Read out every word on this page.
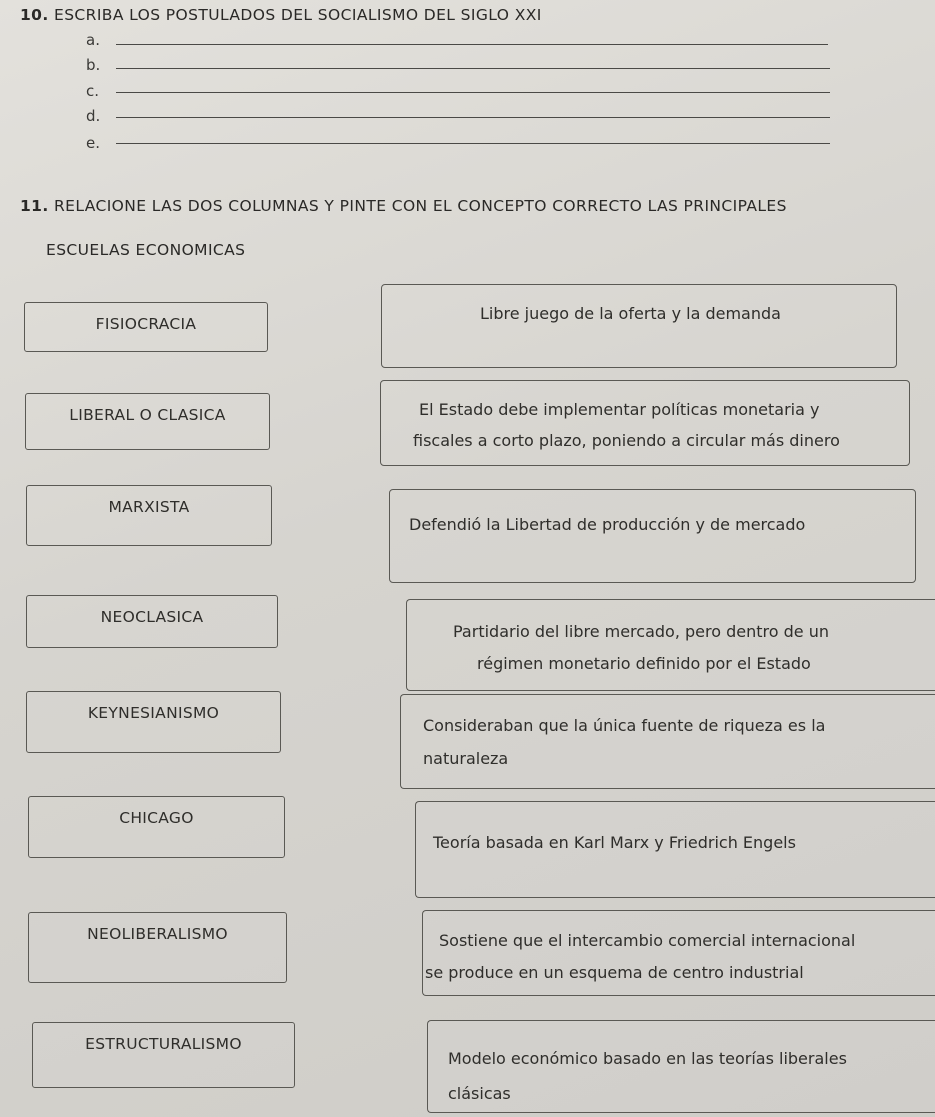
10. ESCRIBA LOS POSTULADOS DEL SOCIALISMO DEL SIGLO XXI
a.
b.
c.
d.
e.
11. RELACIONE LAS DOS COLUMNAS Y PINTE CON EL CONCEPTO CORRECTO LAS PRINCIPALES
ESCUELAS ECONOMICAS
FISIOCRACIA
LIBERAL O CLASICA
MARXISTA
NEOCLASICA
KEYNESIANISMO
CHICAGO
NEOLIBERALISMO
ESTRUCTURALISMO
Libre juego de la oferta y la demanda
El Estado debe implementar políticas monetaria y
fiscales a corto plazo, poniendo a circular más dinero
Defendió la Libertad de producción y de mercado
Partidario del libre mercado, pero dentro de un
régimen monetario definido por el Estado
Consideraban que la única fuente de riqueza es la
naturaleza
Teoría basada en Karl Marx y Friedrich Engels
Sostiene que el intercambio comercial internacional
se produce en un esquema de centro industrial
Modelo económico basado en las teorías liberales
clásicas
